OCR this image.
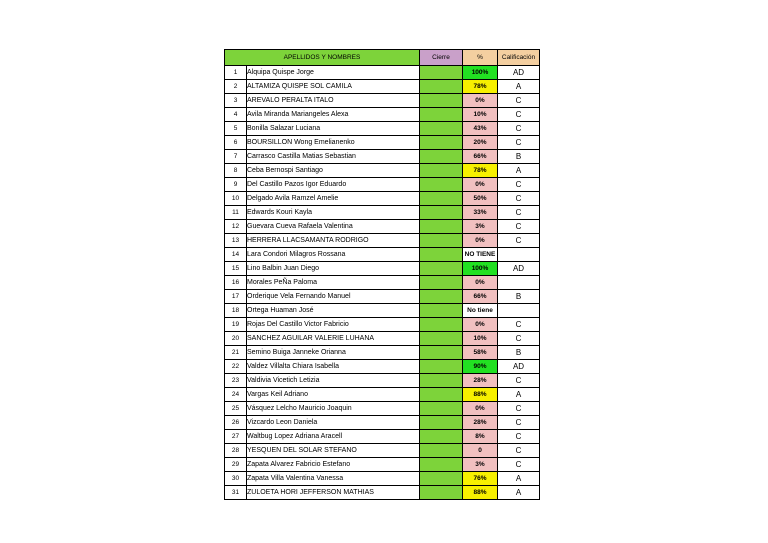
APELLIDOS Y NOMBRES		Cierre	%	Calificación
1	Alquipa Quispe Jorge		100%	AD
2	ALTAMIZA QUISPE SOL CAMILA		78%	A
3	AREVALO PERALTA ITALO		0%	C
4	Avila Miranda Mariangeles Alexa		10%	C
5	Bonilla Salazar Luciana		43%	C
6	BOURSILLON Wong Emelianenko		20%	C
7	Carrasco Castilla Matias Sebastian		66%	B
8	Ceba Bernospi Santiago		78%	A
9	Del Castillo Pazos Igor Eduardo		0%	C
10	Delgado Avila Ramzel Amelie		50%	C
11	Edwards Kouri Kayla		33%	C
12	Guevara Cueva Rafaela Valentina		3%	C
13	HERRERA LLACSAMANTA RODRIGO		0%	C
14	Lara Condori Milagros Rossana		NO TIENE	
15	Lino Balbin Juan Diego		100%	AD
16	Morales PeÑa Paloma		0%	
17	Orderique Vela Fernando Manuel		66%	B
18	Ortega Huaman José		No tiene	
19	Rojas Del Castillo Victor Fabricio		0%	C
20	SANCHEZ AGUILAR VALERIE LUHANA		10%	C
21	Semino Buiga Janneke Orianna		58%	B
22	Valdez Villalta Chiara Isabella		90%	AD
23	Valdivia Vicetich Letizia		28%	C
24	Vargas Keil Adriano		88%	A
25	Vásquez Lelcho Mauricio Joaquin		0%	C
26	Vizcardo Leon Daniela		28%	C
27	Waltbug Lopez Adriana Aracell		8%	C
28	YESQUEN DEL SOLAR STEFANO		0	C
29	Zapata Alvarez Fabricio Estefano		3%	C
30	Zapata Villa Valentina Vanessa		76%	A
31	ZULOETA HORI JEFFERSON MATHIAS		88%	A
